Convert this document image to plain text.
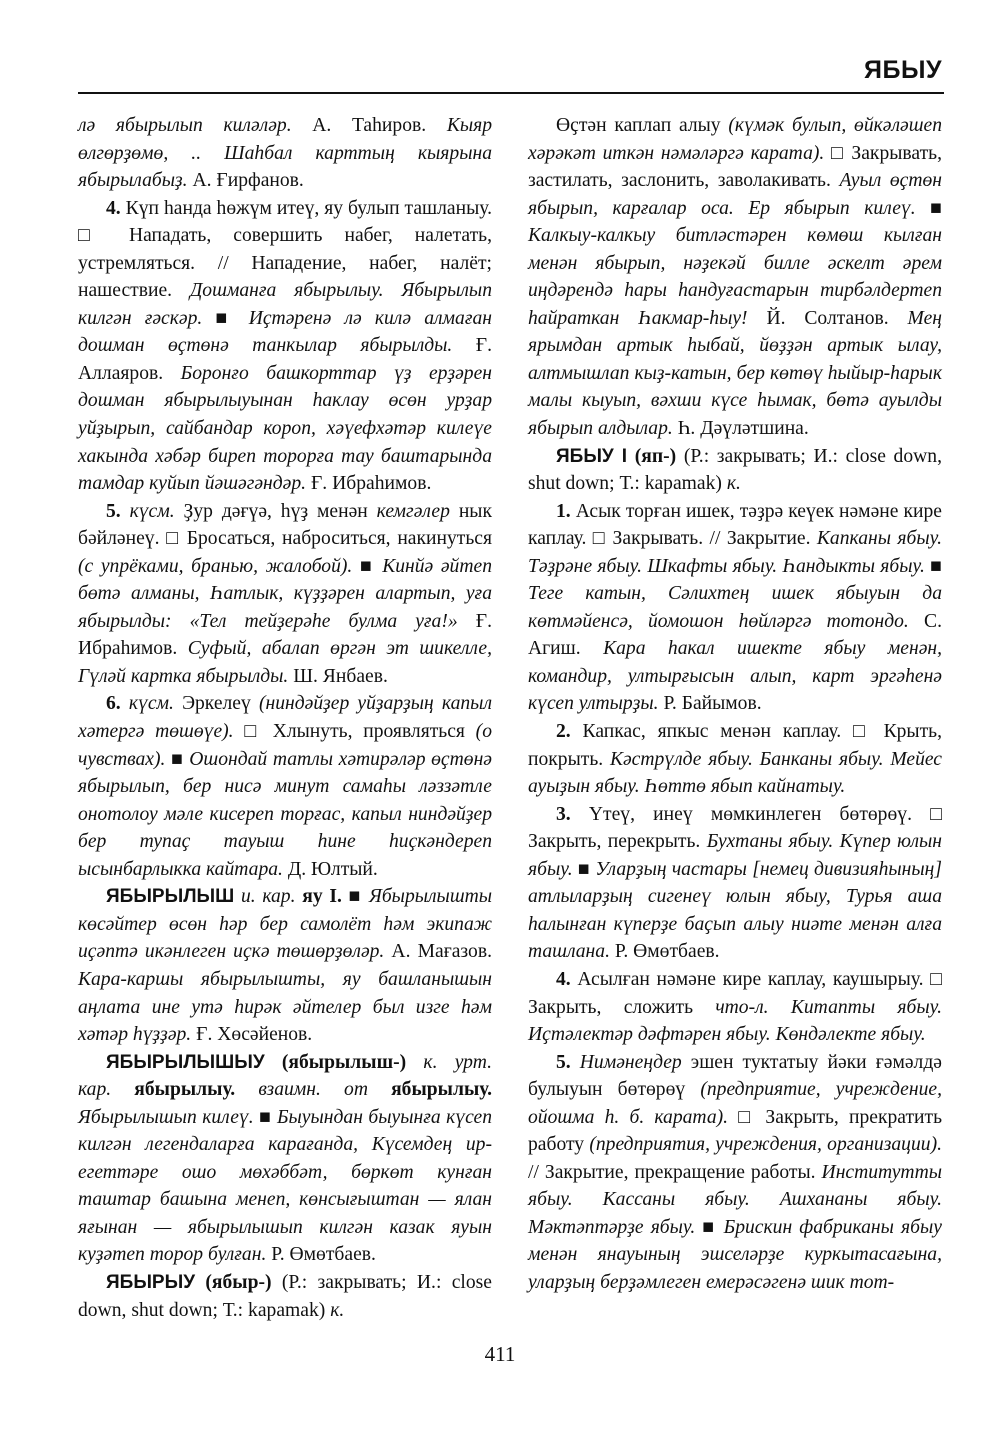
ЯБЫУ

лә ябырылып киләләр. А. Таһиров. Кыяр өлгөрҙөмө, .. Шаһбал карттың кыярына ябырылабыҙ. А. Ғирфанов.

4. Күп һанда һөжүм итеү, яу булып ташланыу. □ Нападать, совершить набег, налетать, устремляться. // Нападение, набег, налёт; нашествие. Дошманға ябырылыу. Ябырылып килгән ғәскәр. ■ Иҫтәренә лә килә алмаған дошман өҫтөнә танкылар ябырылды. Ғ. Аллаяров. Боронғо башкорттар үҙ ерҙәрен дошман ябырылыуынан һаклау өсөн урҙар уйҙырып, сайбандар короп, хәүефхәтәр килеүе хакында хәбәр биреп торорға тау баштарында тамдар куйып йәшәгәндәр. Ғ. Ибраһимов.

5. күсм. Ҙур дәғүә, һүҙ менән кемгәлер нык бәйләнеү. □ Бросаться, наброситься, накинуться (с упрёками, бранью, жалобой). ■ Кинйә әйтеп бөтә алманы, Һатлык, күҙҙәрен алартып, уға ябырылды: «Тел тейҙерәһе булма уға!» Ғ. Ибраһимов. Суфый, абалап өргән эт шикелле, Гүләй картка ябырылды. Ш. Янбаев.

6. күсм. Эркелеү (ниндәйҙер уйҙарҙың капыл хәтергә төшөүе). □ Хлынуть, проявляться (о чувствах). ■ Ошондай татлы хәтирәләр өҫтөнә ябырылып, бер нисә минут самаһы ләззәтле онотолоу мәле кисереп торғас, капыл ниндәйҙер бер тупаҫ тауыш һине һиҫкәндереп ысынбарлыкка кайтара. Д. Юлтый.

ЯБЫРЫЛЫШ и. кар. яу I. ■ Ябырылышты көсәйтер өсөн һәр бер самолёт һәм экипаж иҫәптә икәнлеген иҫкә төшөрҙөләр. А. Мағазов. Кара-каршы ябырылышты, яу башланышын аңлата ине утә һирәк әйтелер был изге һәм хәтәр һүҙҙәр. Ғ. Хөсәйенов.

ЯБЫРЫЛЫШЫУ (ябырылыш-) к. урт. кар. ябырылыу. взаимн. от ябырылыу. Ябырылышып килеү. ■ Быуындан быуынға күсеп килгән легендаларға карағанда, Күсемдең ир-егеттәре ошо мөхәббәт, бөркөт кунған таштар башына менеп, көнсығыштан — ялан яғынан — ябырылышып килгән казак яуын куҙәтеп торор булған. Р. Өмөтбаев.

ЯБЫРЫУ (ябыр-) (Р.: закрывать; И.: close down, shut down; Т.: kapamak) к.

Өҫтән каплап алыу (күмәк булып, өйкәләшеп хәрәкәт иткән нәмәләргә карата). □ Закрывать, застилать, заслонить, заволакивать. Ауыл өҫтөн ябырып, карғалар оса. Ер ябырып килеү. ■ Калкыу-калкыу битләстәрен көмөш кылған менән ябырып, нәҙекәй билле әскелт әрем иңдәрендә һары һандуғастарын тирбәлдертеп һайраткан Һакмар-һыу! Й. Солтанов. Мең ярымдан артык һыбай, йөҙҙән артык ылау, алтмышлап кыҙ-катын, бер көтөү һыйыр-һарык малы кыуып, вәхши күсе һымак, бөтә ауылды ябырып алдылар. Һ. Дәүләтшина.

ЯБЫУ I (яп-) (Р.: закрывать; И.: close down, shut down; Т.: kapamak) к.

1. Асык торған ишек, тәҙрә кеүек нәмәне кире каплау. □ Закрывать. // Закрытие. Капканы ябыу. Тәҙрәне ябыу. Шкафты ябыу. Һандыкты ябыу. ■ Теге катын, Сәлихтең ишек ябыуын да көтмәйенсә, йомошон һөйләргә тотондо. С. Агиш. Кара һакал ишекте ябыу менән, командир, ултырғысын алып, карт эргәһенә күсеп ултырҙы. Р. Байымов.

2. Капкас, япкыс менән каплау. □ Крыть, покрыть. Кәстрүлде ябыу. Банканы ябыу. Мейес ауыҙын ябыу. Һөттө ябып кайнатыу.

3. Үтеү, инеү мөмкинлеген бөтөрөү. □ Закрыть, перекрыть. Бухтаны ябыу. Күпер юлын ябыу. ■ Уларҙың частары [немец дивизияһының] атлыларҙың сигенеү юлын ябыу, Турья аша һалынған күперҙе баҫып алыу ниәте менән алға ташлана. Р. Өмөтбаев.

4. Асылған нәмәне кире каплау, каушырыу. □ Закрыть, сложить что-л. Китапты ябыу. Иҫтәлектәр дәфтәрен ябыу. Көндәлекте ябыу.

5. Нимәнеңдер эшен туктатыу йәки ғәмәлдә булыуын бөтөрөү (предприятие, учреждение, ойошма һ. б. карата). □ Закрыть, прекратить работу (предприятия, учреждения, организации). // Закрытие, прекращение работы. Институтты ябыу. Кассаны ябыу. Ашхананы ябыу. Мәктәптәрҙе ябыу. ■ Брискин фабриканы ябыу менән янауының эшселәрҙе куркытасағына, уларҙың берҙәмлеген емерәсәгенә шик тот-

411
